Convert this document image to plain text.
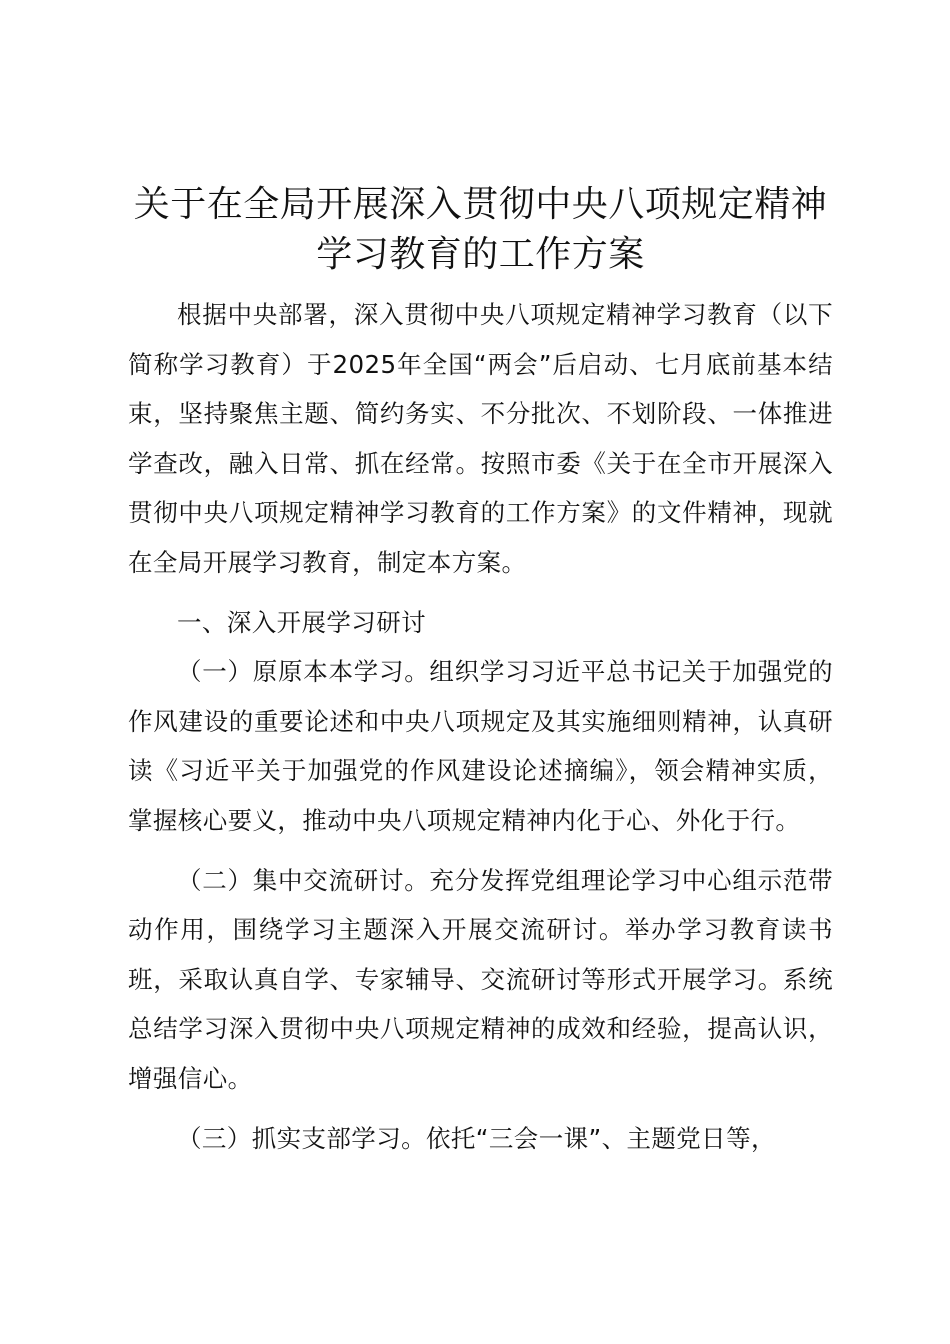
关于在全局开展深入贯彻中央八项规定精神学习教育的工作方案

根据中央部署，深入贯彻中央八项规定精神学习教育（以下简称学习教育）于2025年全国“两会”后启动、七月底前基本结束，坚持聚焦主题、简约务实、不分批次、不划阶段、一体推进学查改，融入日常、抓在经常。按照市委《关于在全市开展深入贯彻中央八项规定精神学习教育的工作方案》的文件精神，现就在全局开展学习教育，制定本方案。

一、深入开展学习研讨

（一）原原本本学习。组织学习习近平总书记关于加强党的作风建设的重要论述和中央八项规定及其实施细则精神，认真研读《习近平关于加强党的作风建设论述摘编》，领会精神实质，掌握核心要义，推动中央八项规定精神内化于心、外化于行。

（二）集中交流研讨。充分发挥党组理论学习中心组示范带动作用，围绕学习主题深入开展交流研讨。举办学习教育读书班，采取认真自学、专家辅导、交流研讨等形式开展学习。系统总结学习深入贯彻中央八项规定精神的成效和经验，提高认识，增强信心。

（三）抓实支部学习。依托“三会一课”、主题党日等，
